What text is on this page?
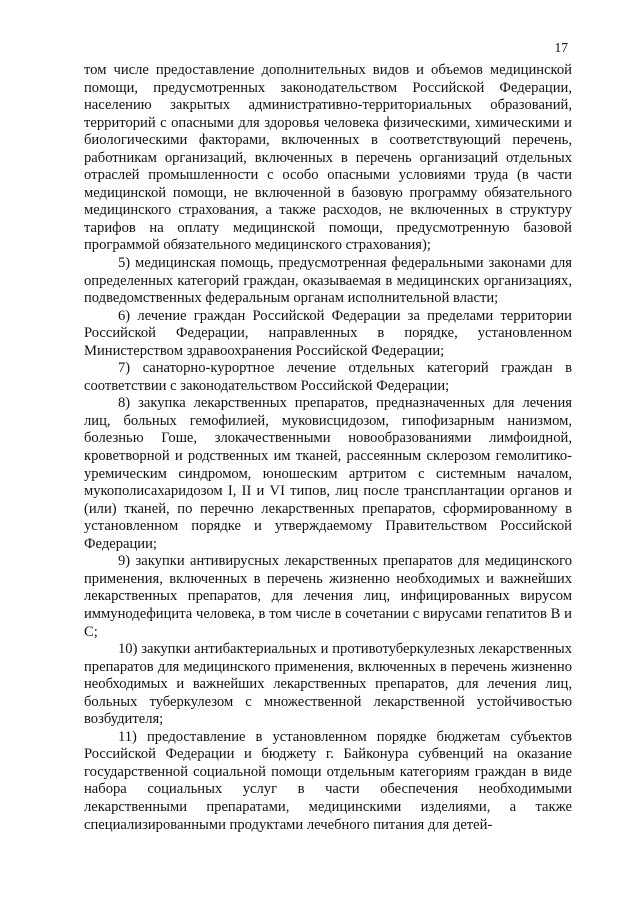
17

том числе предоставление дополнительных видов и объемов медицинской помощи, предусмотренных законодательством Российской Федерации, населению закрытых административно-территориальных образований, территорий с опасными для здоровья человека физическими, химическими и биологическими факторами, включенных в соответствующий перечень, работникам организаций, включенных в перечень организаций отдельных отраслей промышленности с особо опасными условиями труда (в части медицинской помощи, не включенной в базовую программу обязательного медицинского страхования, а также расходов, не включенных в структуру тарифов на оплату медицинской помощи, предусмотренную базовой программой обязательного медицинского страхования);

5) медицинская помощь, предусмотренная федеральными законами для определенных категорий граждан, оказываемая в медицинских организациях, подведомственных федеральным органам исполнительной власти;

6) лечение граждан Российской Федерации за пределами территории Российской Федерации, направленных в порядке, установленном Министерством здравоохранения Российской Федерации;

7) санаторно-курортное лечение отдельных категорий граждан в соответствии с законодательством Российской Федерации;

8) закупка лекарственных препаратов, предназначенных для лечения лиц, больных гемофилией, муковисцидозом, гипофизарным нанизмом, болезнью Гоше, злокачественными новообразованиями лимфоидной, кроветворной и родственных им тканей, рассеянным склерозом гемолитико-уремическим синдромом, юношеским артритом с системным началом, мукополисахаридозом I, II и VI типов, лиц после трансплантации органов и (или) тканей, по перечню лекарственных препаратов, сформированному в установленном порядке и утверждаемому Правительством Российской Федерации;

9) закупки антивирусных лекарственных препаратов для медицинского применения, включенных в перечень жизненно необходимых и важнейших лекарственных препаратов, для лечения лиц, инфицированных вирусом иммунодефицита человека, в том числе в сочетании с вирусами гепатитов B и C;

10) закупки антибактериальных и противотуберкулезных лекарственных препаратов для медицинского применения, включенных в перечень жизненно необходимых и важнейших лекарственных препаратов, для лечения лиц, больных туберкулезом с множественной лекарственной устойчивостью возбудителя;

11) предоставление в установленном порядке бюджетам субъектов Российской Федерации и бюджету г. Байконура субвенций на оказание государственной социальной помощи отдельным категориям граждан в виде набора социальных услуг в части обеспечения необходимыми лекарственными препаратами, медицинскими изделиями, а также специализированными продуктами лечебного питания для детей-
